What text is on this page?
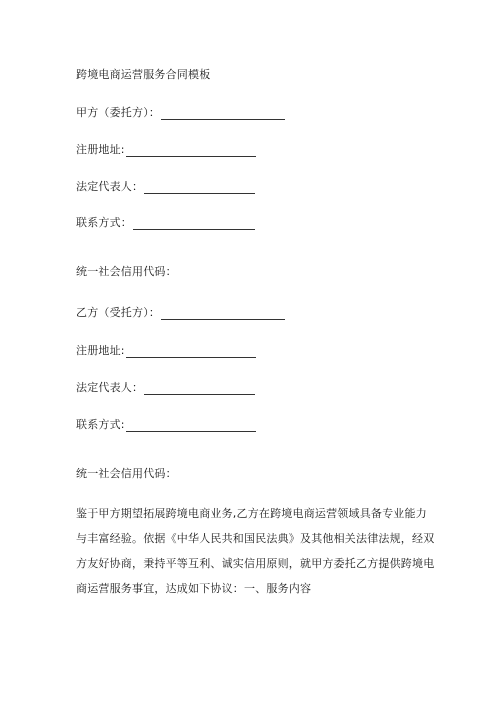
跨境电商运营服务合同模板
甲方（委托方）：
注册地址:
法定代表人：
联系方式：
统一社会信用代码：
乙方（受托方）：
注册地址:
法定代表人：
联系方式:
统一社会信用代码：
鉴于甲方期望拓展跨境电商业务,乙方在跨境电商运营领域具备专业能力
与丰富经验。依据《中华人民共和国民法典》及其他相关法律法规，经双
方友好协商，秉持平等互利、诚实信用原则，就甲方委托乙方提供跨境电
商运营服务事宜，达成如下协议：一、服务内容
